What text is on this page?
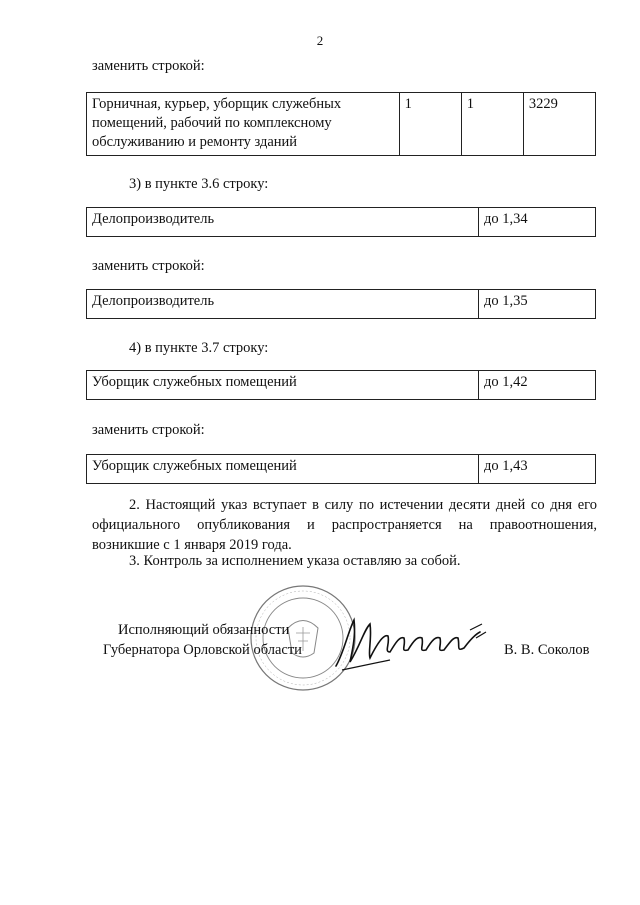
2
заменить строкой:
Горничная, курьер, уборщик служебных
помещений, рабочий по комплексному
обслуживанию и ремонту зданий
	1	1	3229
3) в пункте 3.6 строку:
Делопроизводитель	до 1,34
заменить строкой:
Делопроизводитель	до 1,35
4) в пункте 3.7 строку:
Уборщик служебных помещений	до 1,42
заменить строкой:
Уборщик служебных помещений	до 1,43
2. Настоящий указ вступает в силу по истечении десяти дней со дня его официального опубликования и распространяется на правоотношения, возникшие с 1 января 2019 года.
3. Контроль за исполнением указа оставляю за собой.
Исполняющий обязанности
Губернатора Орловской области	В. В. Соколов
